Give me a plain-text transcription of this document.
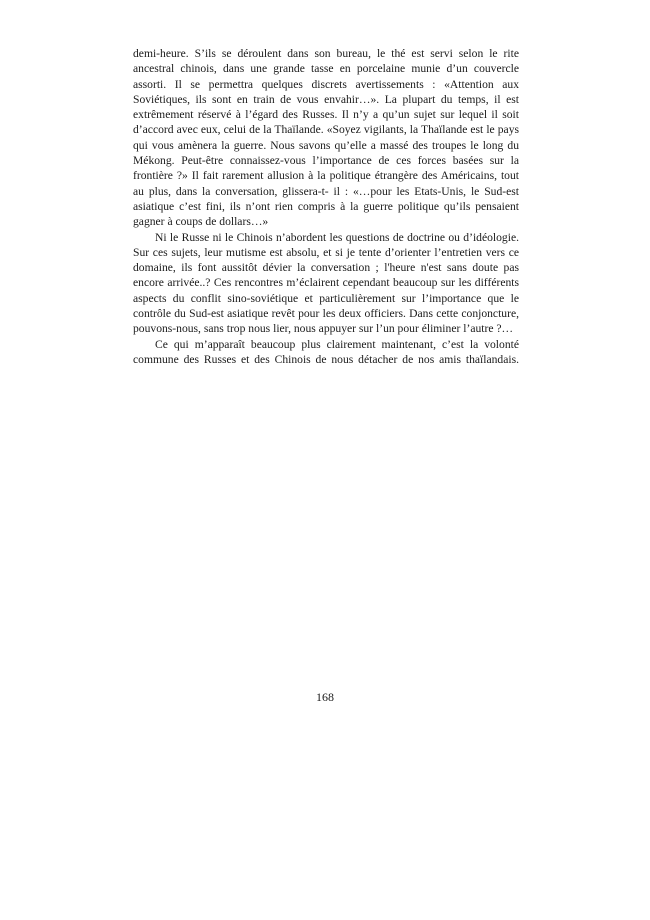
demi-heure. S’ils se déroulent dans son bureau, le thé est servi selon le rite ancestral chinois, dans une grande tasse en porcelaine munie d’un couvercle assorti. Il se permettra quelques discrets avertissements : «Attention aux Soviétiques, ils sont en train de vous envahir…». La plupart du temps, il est extrêmement réservé à l’égard des Russes. Il n’y a qu’un sujet sur lequel il soit d’accord avec eux, celui de la Thaïlande. «Soyez vigilants, la Thaïlande est le pays qui vous amènera la guerre. Nous savons qu’elle a massé des troupes le long du Mékong. Peut-être connaissez-vous l’importance de ces forces basées sur la frontière ?» Il fait rarement allusion à la politique étrangère des Américains, tout au plus, dans la conversation, glissera-t- il : «…pour les Etats-Unis, le Sud-est asiatique c’est fini, ils n’ont rien compris à la guerre politique qu’ils pensaient gagner à coups de dollars…»

Ni le Russe ni le Chinois n’abordent les questions de doctrine ou d’idéologie. Sur ces sujets, leur mutisme est absolu, et si je tente d’orienter l’entretien vers ce domaine, ils font aussitôt dévier la conversation ; l'heure n'est sans doute pas encore arrivée..? Ces rencontres m’éclairent cependant beaucoup sur les différents aspects du conflit sino-soviétique et particulièrement sur l’importance que le contrôle du Sud-est asiatique revêt pour les deux officiers. Dans cette conjoncture, pouvons-nous, sans trop nous lier, nous appuyer sur l’un pour éliminer l’autre ?…

Ce qui m’apparaît beaucoup plus clairement maintenant, c’est la volonté commune des Russes et des Chinois de nous détacher de nos amis thaïlandais.

168
